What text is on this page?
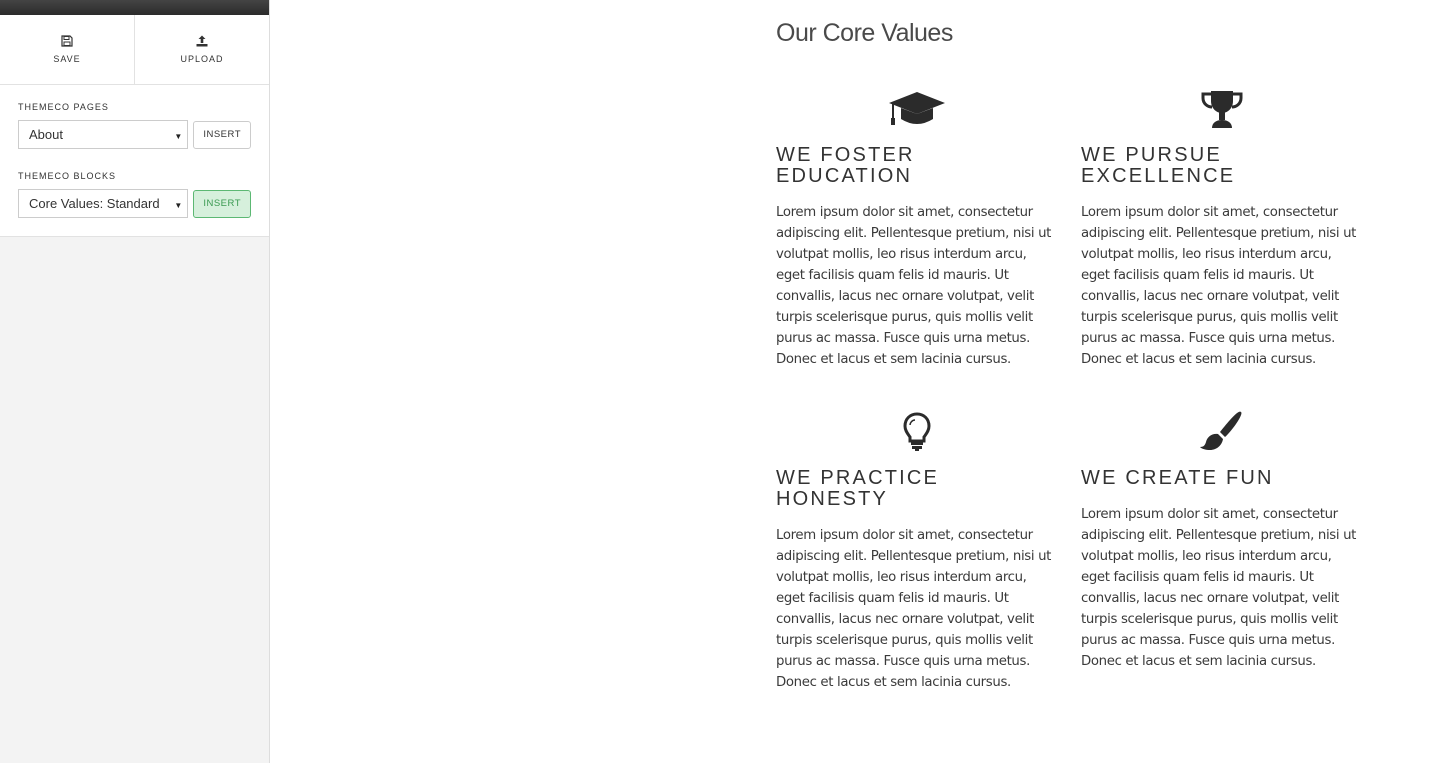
SAVE	UPLOAD
THEMECO PAGES
About	▼	INSERT
THEMECO BLOCKS
Core Values: Standard ▼	INSERT
Our Core Values
WE FOSTER EDUCATION

Lorem ipsum dolor sit amet, consectetur adipiscing elit. Pellentesque pretium, nisi ut volutpat mollis, leo risus interdum arcu, eget facilisis quam felis id mauris. Ut convallis, lacus nec ornare volutpat, velit turpis scelerisque purus, quis mollis velit purus ac massa. Fusce quis urna metus. Donec et lacus et sem lacinia cursus.

WE PURSUE EXCELLENCE

Lorem ipsum dolor sit amet, consectetur adipiscing elit. Pellentesque pretium, nisi ut volutpat mollis, leo risus interdum arcu, eget facilisis quam felis id mauris. Ut convallis, lacus nec ornare volutpat, velit turpis scelerisque purus, quis mollis velit purus ac massa. Fusce quis urna metus. Donec et lacus et sem lacinia cursus.

WE PRACTICE HONESTY

Lorem ipsum dolor sit amet, consectetur adipiscing elit. Pellentesque pretium, nisi ut volutpat mollis, leo risus interdum arcu, eget facilisis quam felis id mauris. Ut convallis, lacus nec ornare volutpat, velit turpis scelerisque purus, quis mollis velit purus ac massa. Fusce quis urna metus. Donec et lacus et sem lacinia cursus.

WE CREATE FUN

Lorem ipsum dolor sit amet, consectetur adipiscing elit. Pellentesque pretium, nisi ut volutpat mollis, leo risus interdum arcu, eget facilisis quam felis id mauris. Ut convallis, lacus nec ornare volutpat, velit turpis scelerisque purus, quis mollis velit purus ac massa. Fusce quis urna metus. Donec et lacus et sem lacinia cursus.
